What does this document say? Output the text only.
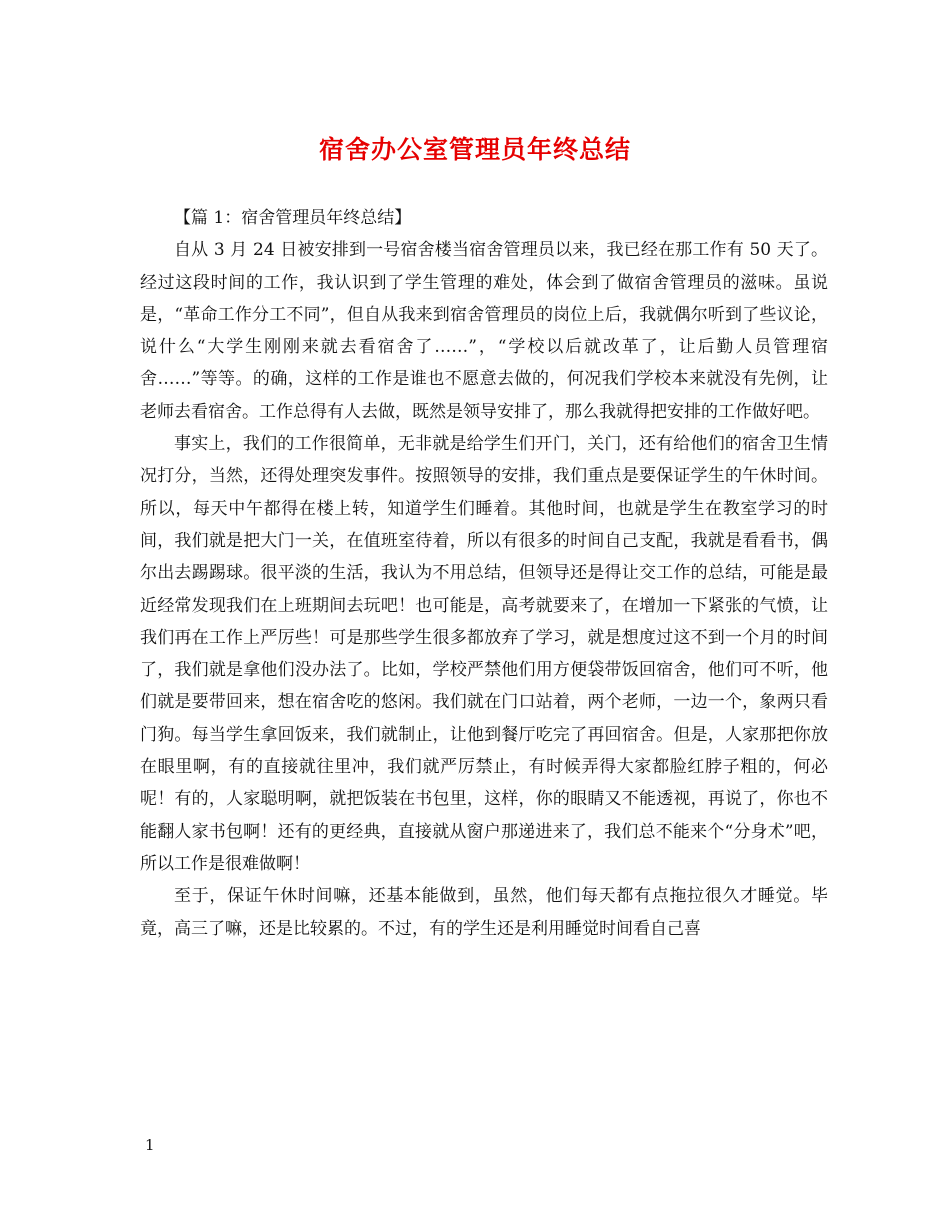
宿舍办公室管理员年终总结
【篇 1：宿舍管理员年终总结】

自从 3 月 24 日被安排到一号宿舍楼当宿舍管理员以来，我已经在那工作有 50 天了。经过这段时间的工作，我认识到了学生管理的难处，体会到了做宿舍管理员的滋味。虽说是，“革命工作分工不同”，但自从我来到宿舍管理员的岗位上后，我就偶尔听到了些议论，说什么“大学生刚刚来就去看宿舍了……”，“学校以后就改革了，让后勤人员管理宿舍……”等等。的确，这样的工作是谁也不愿意去做的，何况我们学校本来就没有先例，让老师去看宿舍。工作总得有人去做，既然是领导安排了，那么我就得把安排的工作做好吧。

事实上，我们的工作很简单，无非就是给学生们开门，关门，还有给他们的宿舍卫生情况打分，当然，还得处理突发事件。按照领导的安排，我们重点是要保证学生的午休时间。所以，每天中午都得在楼上转，知道学生们睡着。其他时间，也就是学生在教室学习的时间，我们就是把大门一关，在值班室待着，所以有很多的时间自己支配，我就是看看书，偶尔出去踢踢球。很平淡的生活，我认为不用总结，但领导还是得让交工作的总结，可能是最近经常发现我们在上班期间去玩吧！也可能是，高考就要来了，在增加一下紧张的气愤，让我们再在工作上严厉些！可是那些学生很多都放弃了学习，就是想度过这不到一个月的时间了，我们就是拿他们没办法了。比如，学校严禁他们用方便袋带饭回宿舍，他们可不听，他们就是要带回来，想在宿舍吃的悠闲。我们就在门口站着，两个老师，一边一个，象两只看门狗。每当学生拿回饭来，我们就制止，让他到餐厅吃完了再回宿舍。但是，人家那把你放在眼里啊，有的直接就往里冲，我们就严厉禁止，有时候弄得大家都脸红脖子粗的，何必呢！有的，人家聪明啊，就把饭装在书包里，这样，你的眼睛又不能透视，再说了，你也不能翻人家书包啊！还有的更经典，直接就从窗户那递进来了，我们总不能来个“分身术”吧，所以工作是很难做啊！

至于，保证午休时间嘛，还基本能做到，虽然，他们每天都有点拖拉很久才睡觉。毕竟，高三了嘛，还是比较累的。不过，有的学生还是利用睡觉时间看自己喜

1
